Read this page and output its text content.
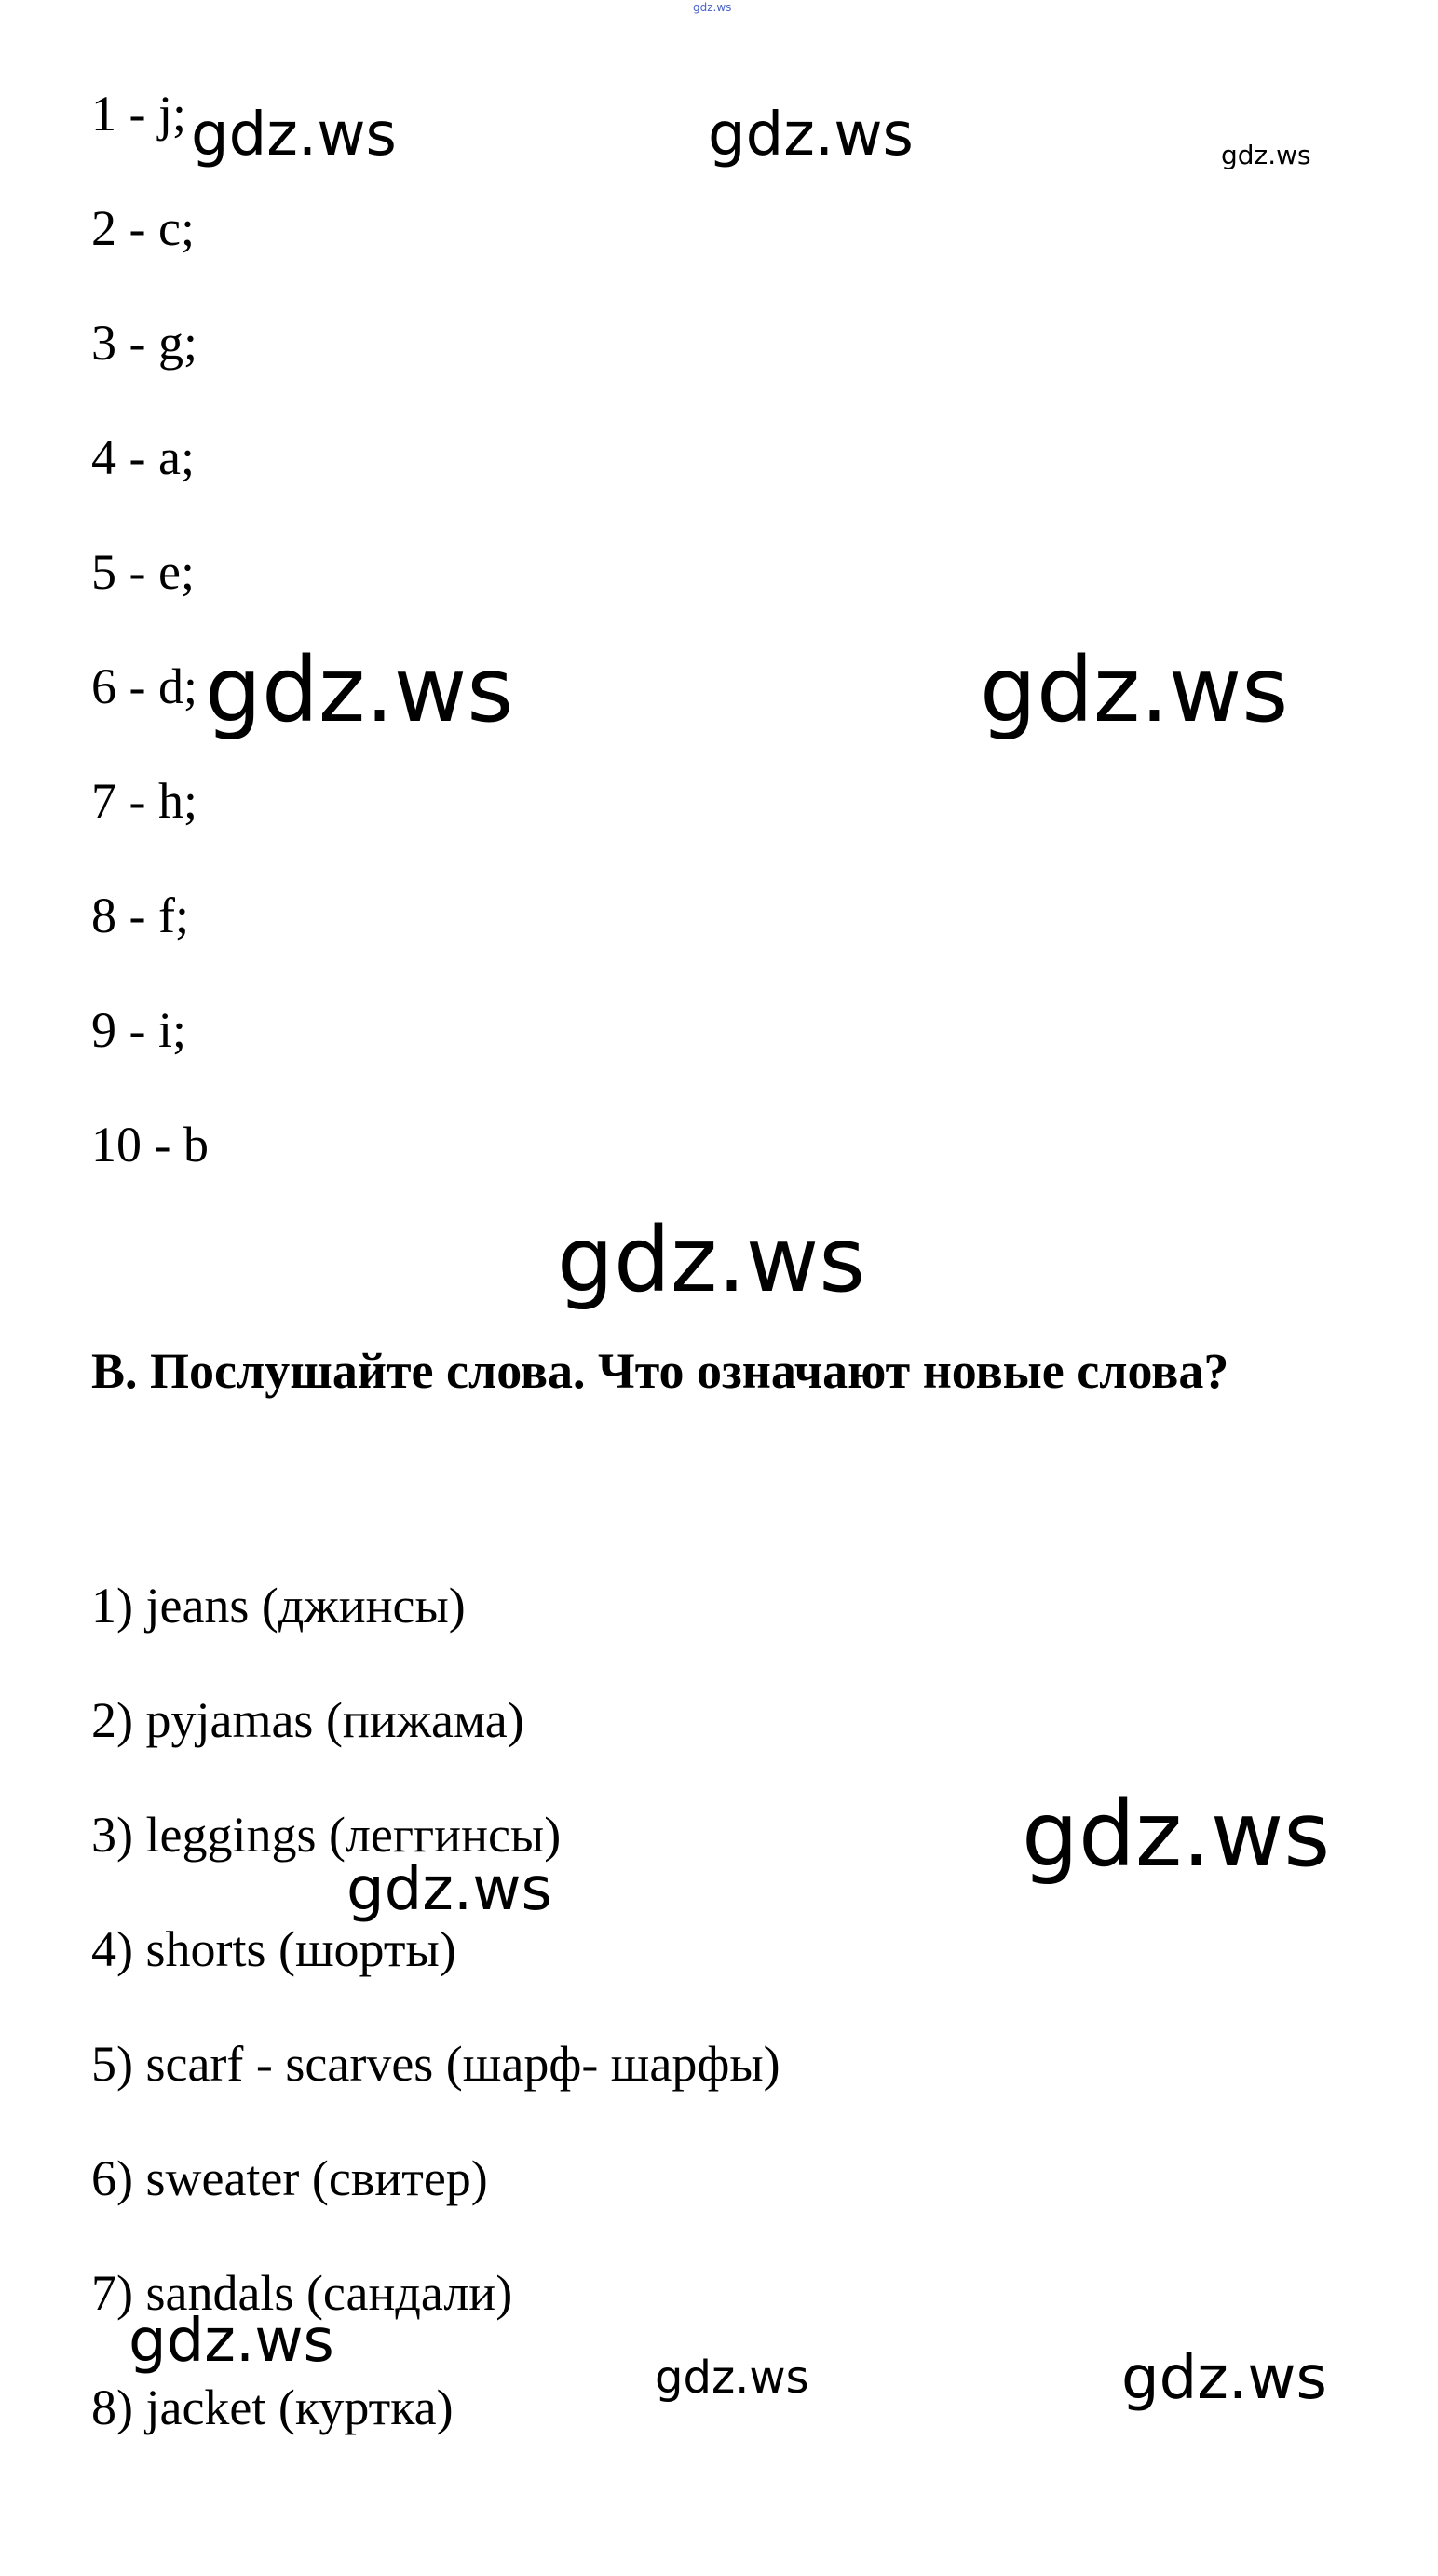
gdz.ws
1 - j;
2 - c;
3 - g;
4 - a;
5 - e;
6 - d;
7 - h;
8 - f;
9 - i;
10 - b
B. Послушайте слова. Что означают новые слова?
1) jeans (джинсы)
2) pyjamas (пижама)
3) leggings (леггинсы)
4) shorts (шорты)
5) scarf - scarves (шарф- шарфы)
6) sweater (свитер)
7) sandals (сандали)
8) jacket (куртка)
gdz.ws	gdz.ws	gdz.ws
gdz.ws	gdz.ws
gdz.ws
gdz.ws
gdz.ws
gdz.ws
gdz.ws	gdz.ws
